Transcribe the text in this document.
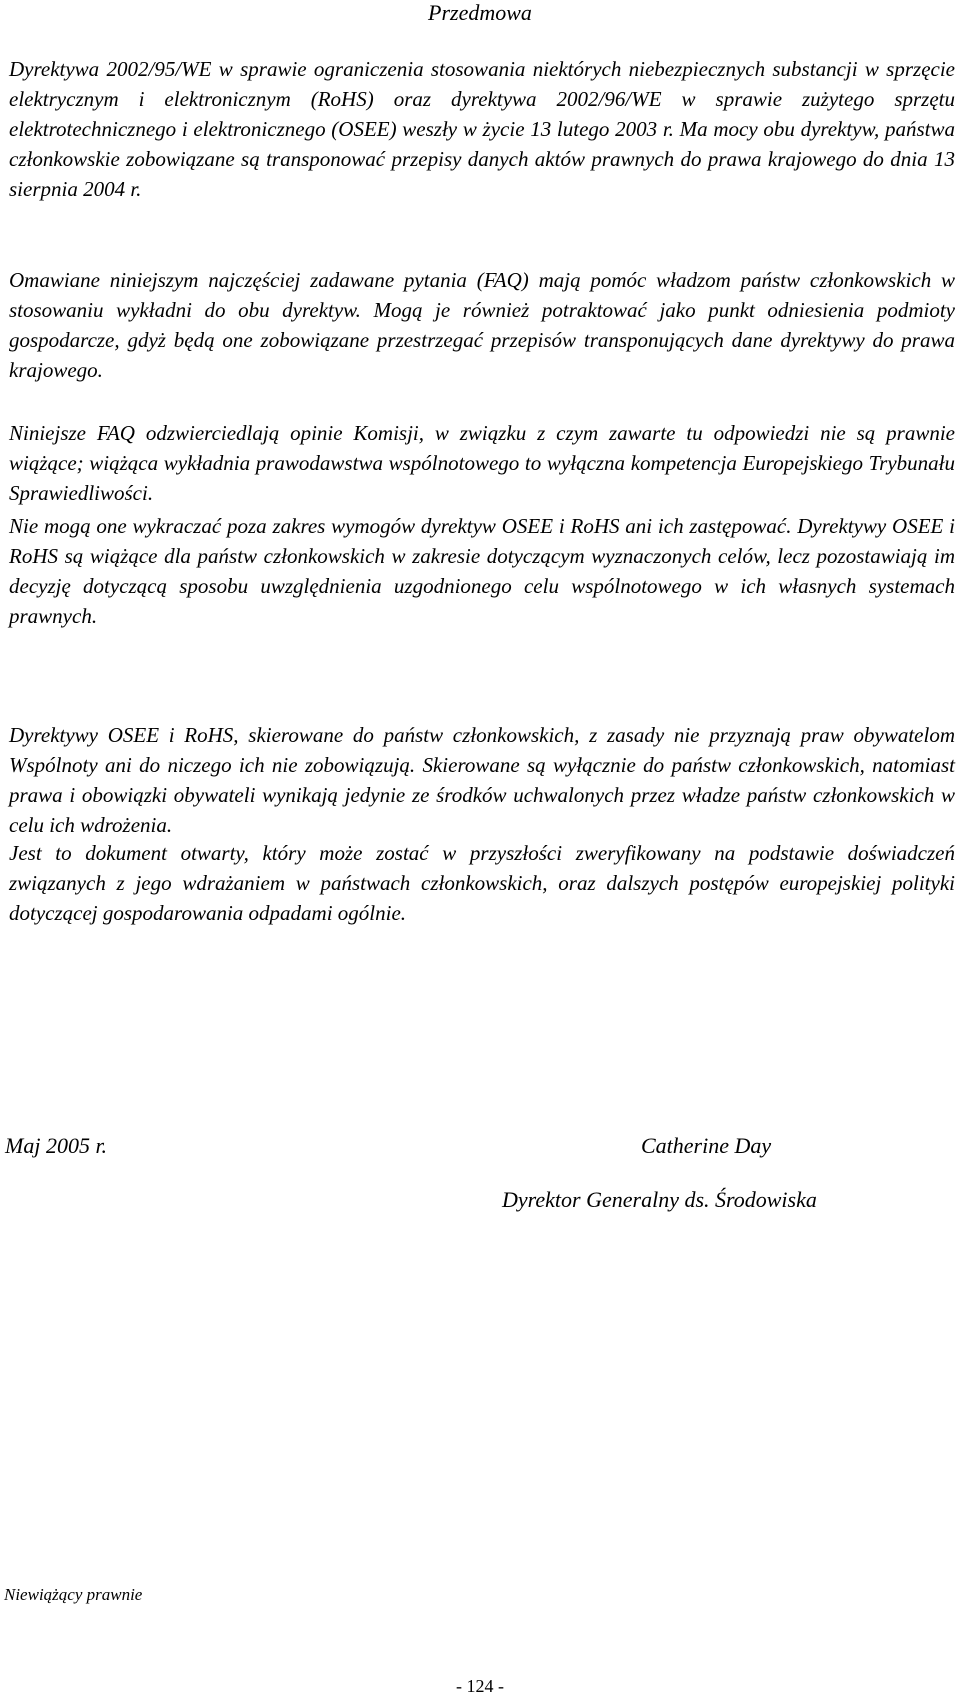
Przedmowa

Dyrektywa 2002/95/WE w sprawie ograniczenia stosowania niektórych niebezpiecznych substancji w sprzęcie elektrycznym i elektronicznym (RoHS) oraz dyrektywa 2002/96/WE w sprawie zużytego sprzętu elektrotechnicznego i elektronicznego (OSEE) weszły w życie 13 lutego 2003 r. Ma mocy obu dyrektyw, państwa członkowskie zobowiązane są transponować przepisy danych aktów prawnych do prawa krajowego do dnia 13 sierpnia 2004 r.

Omawiane niniejszym najczęściej zadawane pytania (FAQ) mają pomóc władzom państw członkowskich w stosowaniu wykładni do obu dyrektyw. Mogą je również potraktować jako punkt odniesienia podmioty gospodarcze, gdyż będą one zobowiązane przestrzegać przepisów transponujących dane dyrektywy do prawa krajowego.

Niniejsze FAQ odzwierciedlają opinie Komisji, w związku z czym zawarte tu odpowiedzi nie są prawnie wiążące; wiążąca wykładnia prawodawstwa wspólnotowego to wyłączna kompetencja Europejskiego Trybunału Sprawiedliwości.

Nie mogą one wykraczać poza zakres wymogów dyrektyw OSEE i RoHS ani ich zastępować. Dyrektywy OSEE i RoHS są wiążące dla państw członkowskich w zakresie dotyczącym wyznaczonych celów, lecz pozostawiają im decyzję dotyczącą sposobu uwzględnienia uzgodnionego celu wspólnotowego w ich własnych systemach prawnych.

Dyrektywy OSEE i RoHS, skierowane do państw członkowskich, z zasady nie przyznają praw obywatelom Wspólnoty ani do niczego ich nie zobowiązują. Skierowane są wyłącznie do państw członkowskich, natomiast prawa i obowiązki obywateli wynikają jedynie ze środków uchwalonych przez władze państw członkowskich w celu ich wdrożenia.

Jest to dokument otwarty, który może zostać w przyszłości zweryfikowany na podstawie doświadczeń związanych z jego wdrażaniem w państwach członkowskich, oraz dalszych postępów europejskiej polityki dotyczącej gospodarowania odpadami ogólnie.

Maj 2005 r.	Catherine Day
Dyrektor Generalny ds. Środowiska
Niewiążący prawnie
- 124 -
